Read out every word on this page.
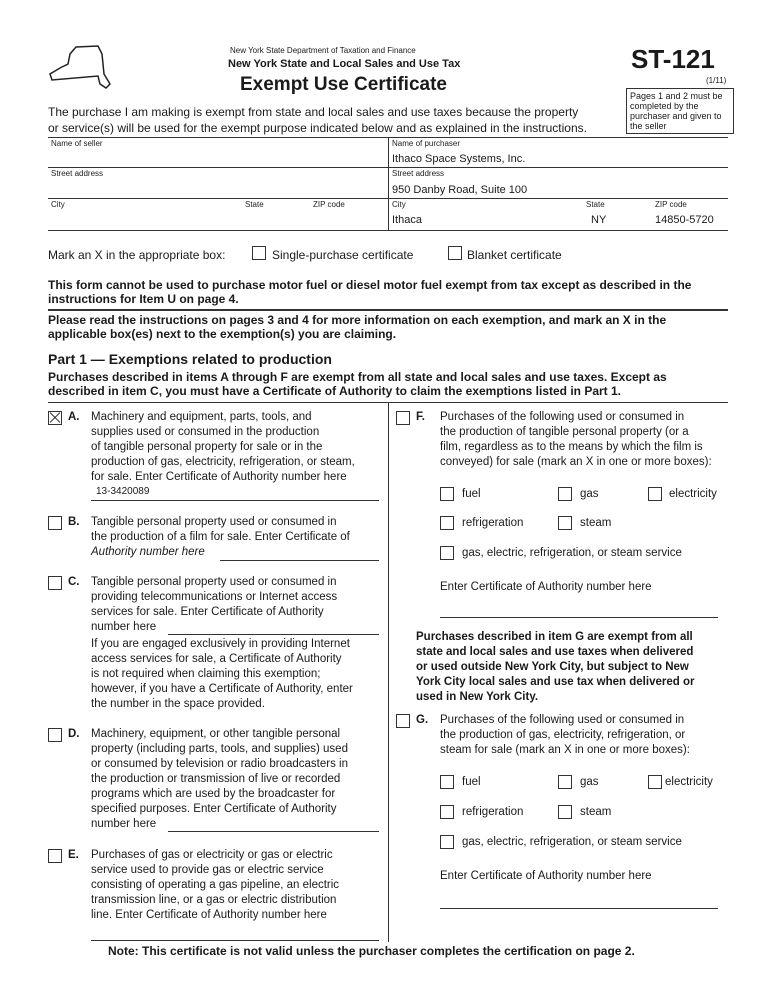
New York State Department of Taxation and Finance
New York State and Local Sales and Use Tax
Exempt Use Certificate
ST-121
(1/11)
Pages 1 and 2 must be completed by the purchaser and given to the seller
The purchase I am making is exempt from state and local sales and use taxes because the property
or service(s) will be used for the exempt purpose indicated below and as explained in the instructions.
Name of seller
Street address
City	State	ZIP code
Name of purchaser
Ithaco Space Systems, Inc.
Street address
950 Danby Road, Suite 100
City
Ithaca
State
NY
ZIP code
14850-5720
Mark an X in the appropriate box:	Single-purchase certificate	Blanket certificate
This form cannot be used to purchase motor fuel or diesel motor fuel exempt from tax except as described in the
instructions for Item U on page 4.
Please read the instructions on pages 3 and 4 for more information on each exemption, and mark an X in the
applicable box(es) next to the exemption(s) you are claiming.
Part 1 — Exemptions related to production
Purchases described in items A through F are exempt from all state and local sales and use taxes. Except as
described in item C, you must have a Certificate of Authority to claim the exemptions listed in Part 1.
A. Machinery and equipment, parts, tools, and
supplies used or consumed in the production
of tangible personal property for sale or in the
production of gas, electricity, refrigeration, or steam,
for sale. Enter Certificate of Authority number here
13-3420089
B. Tangible personal property used or consumed in
the production of a film for sale. Enter Certificate of
Authority number here
C. Tangible personal property used or consumed in
providing telecommunications or Internet access
services for sale. Enter Certificate of Authority
number here
If you are engaged exclusively in providing Internet
access services for sale, a Certificate of Authority
is not required when claiming this exemption;
however, if you have a Certificate of Authority, enter
the number in the space provided.
D. Machinery, equipment, or other tangible personal
property (including parts, tools, and supplies) used
or consumed by television or radio broadcasters in
the production or transmission of live or recorded
programs which are used by the broadcaster for
specified purposes. Enter Certificate of Authority
number here
E. Purchases of gas or electricity or gas or electric
service used to provide gas or electric service
consisting of operating a gas pipeline, an electric
transmission line, or a gas or electric distribution
line. Enter Certificate of Authority number here
F. Purchases of the following used or consumed in
the production of tangible personal property (or a
film, regardless as to the means by which the film is
conveyed) for sale (mark an X in one or more boxes):
fuel	gas	electricity
refrigeration	steam
gas, electric, refrigeration, or steam service
Enter Certificate of Authority number here
Purchases described in item G are exempt from all
state and local sales and use taxes when delivered
or used outside New York City, but subject to New
York City local sales and use tax when delivered or
used in New York City.
G. Purchases of the following used or consumed in
the production of gas, electricity, refrigeration, or
steam for sale (mark an X in one or more boxes):
fuel	gas	electricity
refrigeration	steam
gas, electric, refrigeration, or steam service
Enter Certificate of Authority number here
Note: This certificate is not valid unless the purchaser completes the certification on page 2.
